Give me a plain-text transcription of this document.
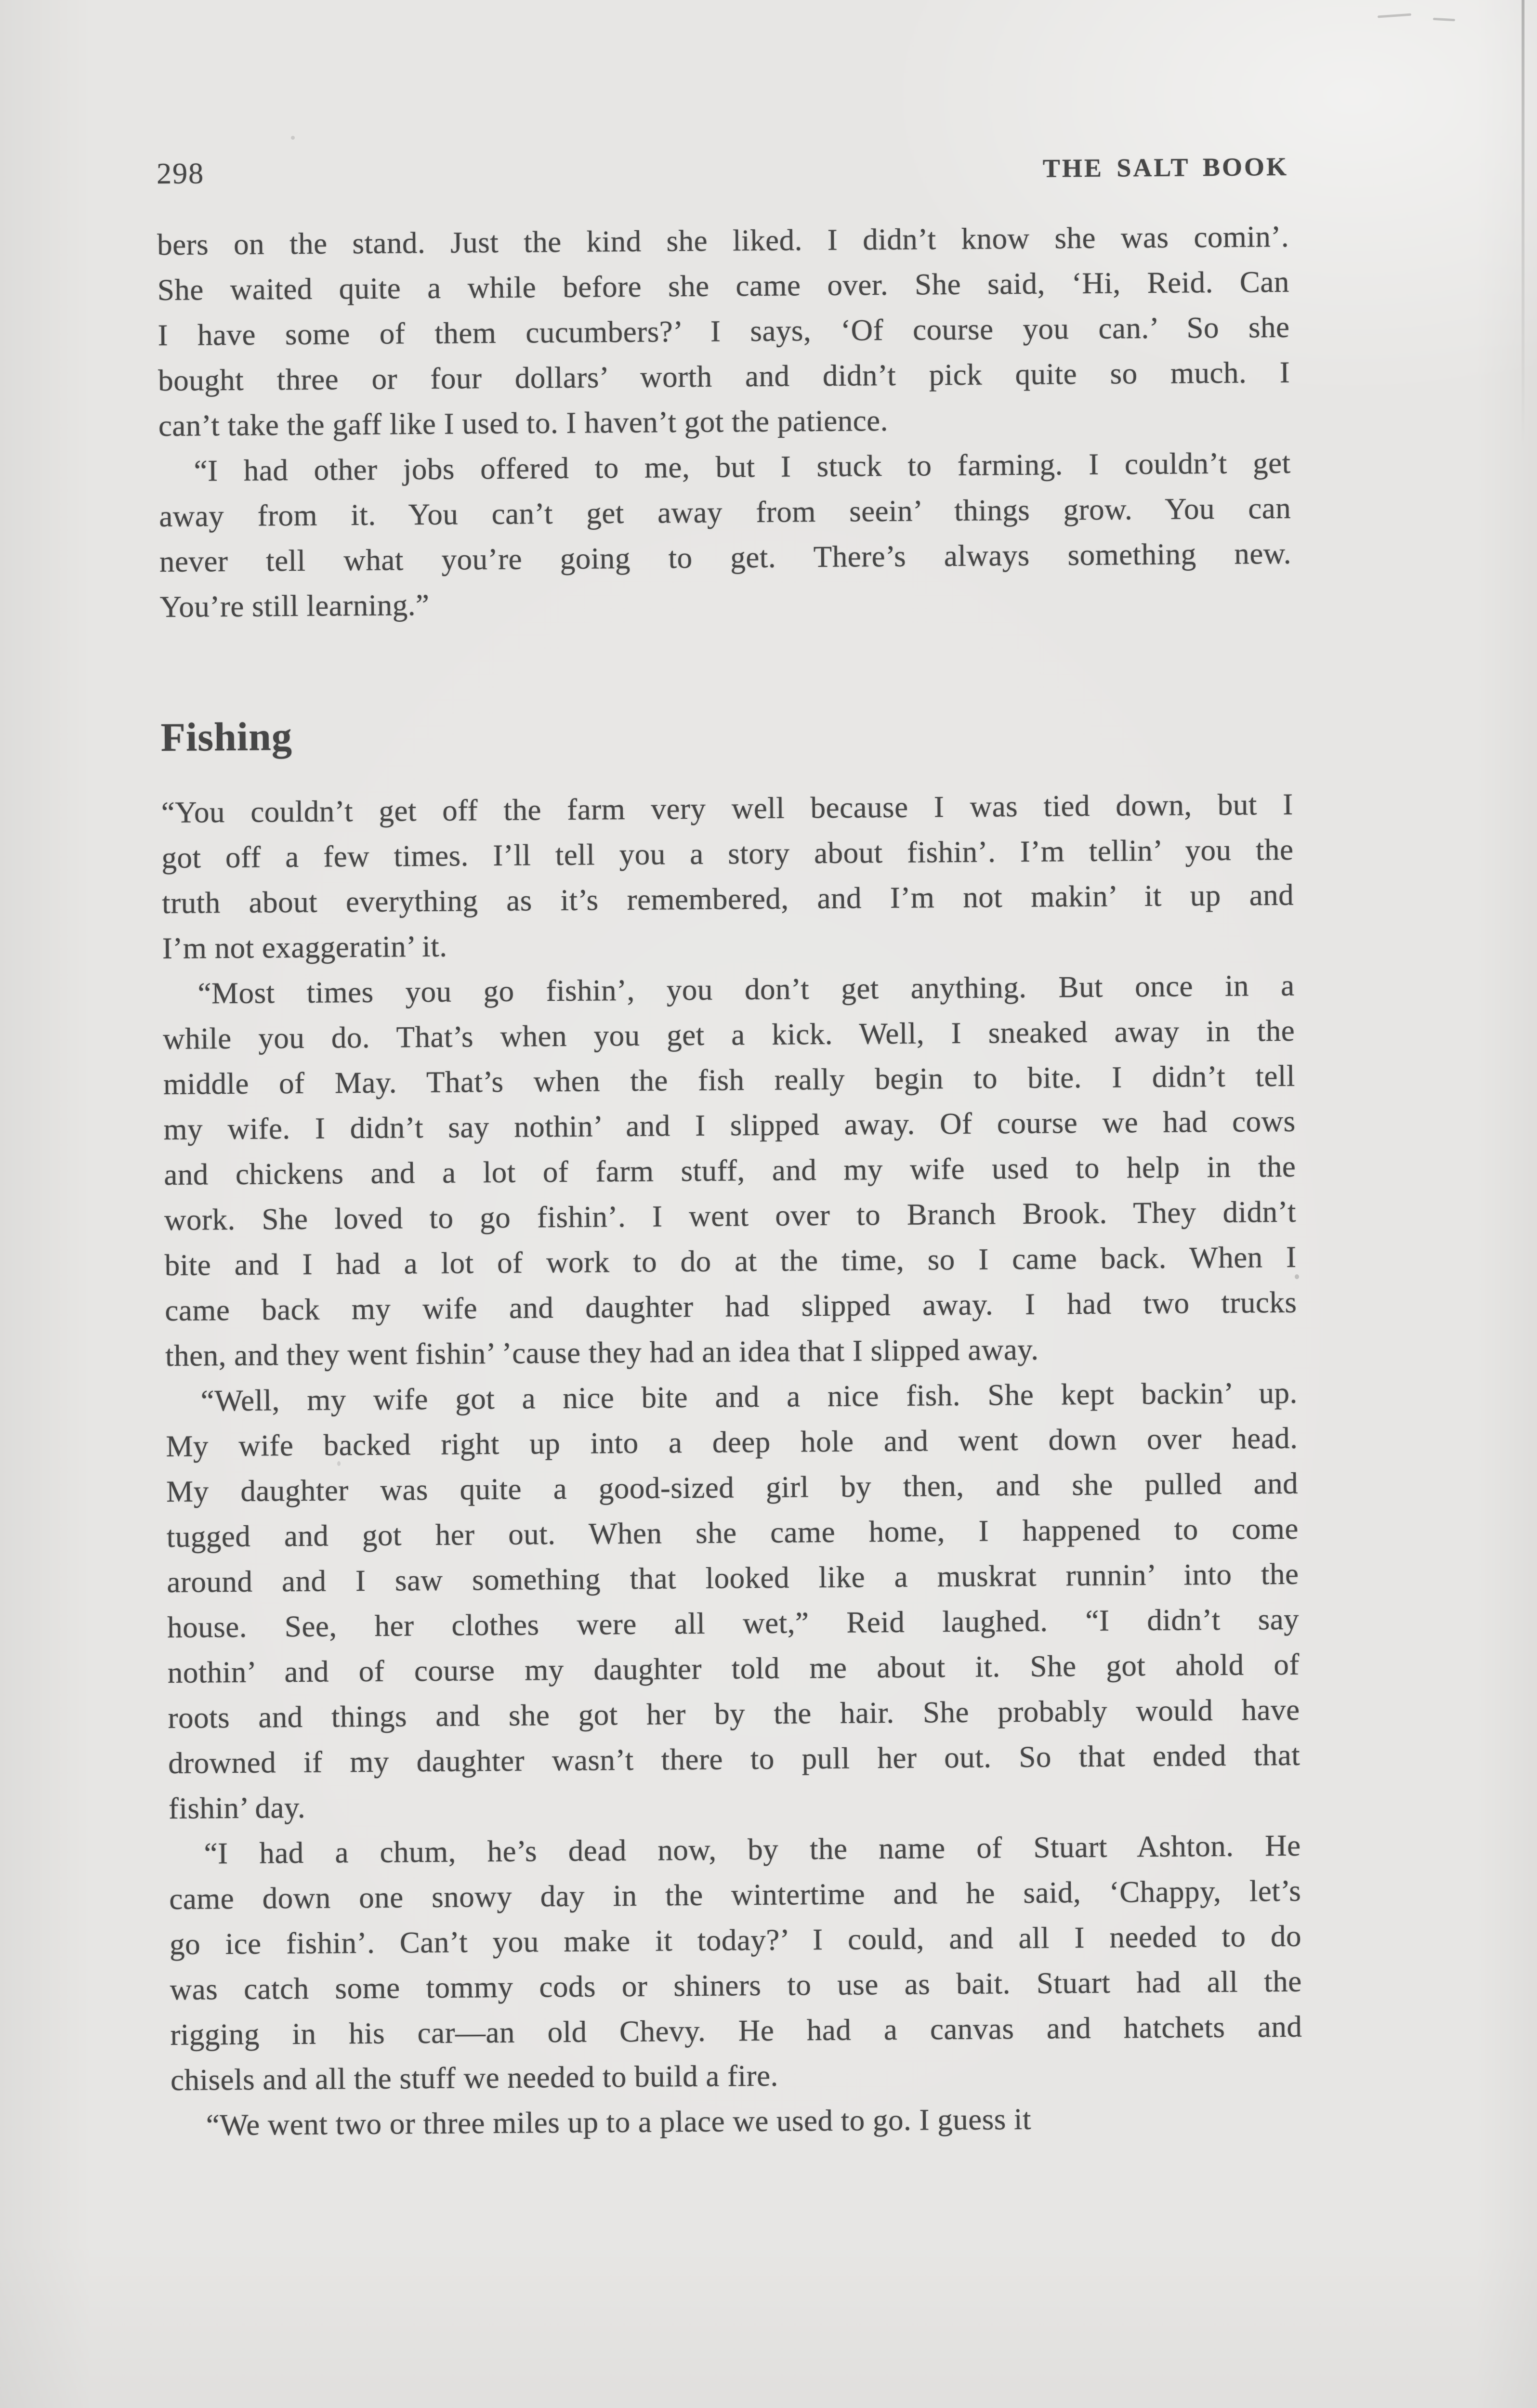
298	THE SALT BOOK
bers on the stand. Just the kind she liked. I didn’t know she was comin’.
She waited quite a while before she came over. She said, ‘Hi, Reid. Can
I have some of them cucumbers?’ I says, ‘Of course you can.’ So she
bought three or four dollars’ worth and didn’t pick quite so much. I
can’t take the gaff like I used to. I haven’t got the patience.
“I had other jobs offered to me, but I stuck to farming. I couldn’t get
away from it. You can’t get away from seein’ things grow. You can
never tell what you’re going to get. There’s always something new.
You’re still learning.”
Fishing
“You couldn’t get off the farm very well because I was tied down, but I
got off a few times. I’ll tell you a story about fishin’. I’m tellin’ you the
truth about everything as it’s remembered, and I’m not makin’ it up and
I’m not exaggeratin’ it.
“Most times you go fishin’, you don’t get anything. But once in a
while you do. That’s when you get a kick. Well, I sneaked away in the
middle of May. That’s when the fish really begin to bite. I didn’t tell
my wife. I didn’t say nothin’ and I slipped away. Of course we had cows
and chickens and a lot of farm stuff, and my wife used to help in the
work. She loved to go fishin’. I went over to Branch Brook. They didn’t
bite and I had a lot of work to do at the time, so I came back. When I
came back my wife and daughter had slipped away. I had two trucks
then, and they went fishin’ ’cause they had an idea that I slipped away.
“Well, my wife got a nice bite and a nice fish. She kept backin’ up.
My wife backed right up into a deep hole and went down over head.
My daughter was quite a good-sized girl by then, and she pulled and
tugged and got her out. When she came home, I happened to come
around and I saw something that looked like a muskrat runnin’ into the
house. See, her clothes were all wet,” Reid laughed. “I didn’t say
nothin’ and of course my daughter told me about it. She got ahold of
roots and things and she got her by the hair. She probably would have
drowned if my daughter wasn’t there to pull her out. So that ended that
fishin’ day.
“I had a chum, he’s dead now, by the name of Stuart Ashton. He
came down one snowy day in the wintertime and he said, ‘Chappy, let’s
go ice fishin’. Can’t you make it today?’ I could, and all I needed to do
was catch some tommy cods or shiners to use as bait. Stuart had all the
rigging in his car—an old Chevy. He had a canvas and hatchets and
chisels and all the stuff we needed to build a fire.
“We went two or three miles up to a place we used to go. I guess it
